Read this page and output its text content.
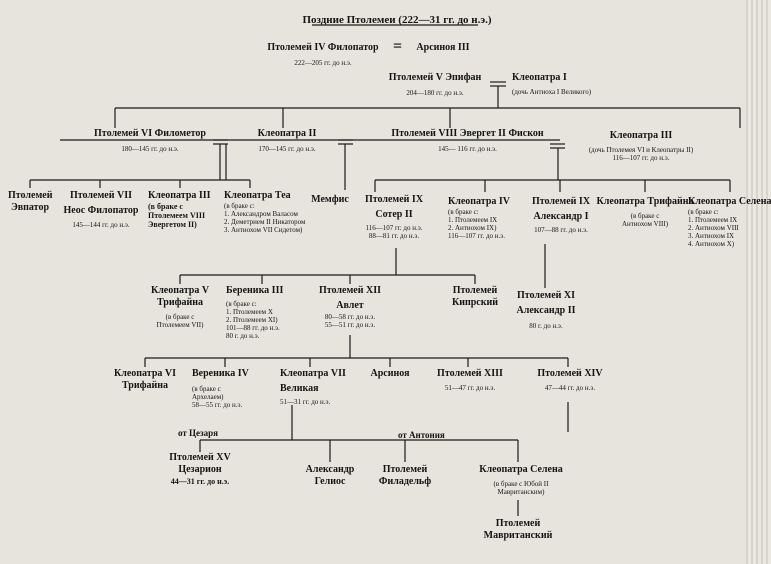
Поздние Птолемеи (222—31 гг. до н.э.)
Птолемей IV Филопатор
222—205 гг. до н.э.
=	Арсиноя III
Птолемей V Эпифан
204—180 гг. до н.э.
Клеопатра I
(дочь Антиоха I Великого)
Птолемей VI Филометор
180—145 гг. до н.э.
Клеопатра II
170—145 гг. до н.э.
Птолемей VIII Эвергет II Фискон
145— 116 гг. до н.э.
Клеопатра III
(дочь Птолемея VI и Клеопатры II)
116—107 гг. до н.э.
Птолемей
Эвпатор
Птолемей VII
Неос Филопатор
145—144 гг. до н.э.
Клеопатра III
(в браке с
Птолемеем VIII
Эвергетом II)
Клеопатра Теа
(в браке с:
1. Александром Валасом
2. Деметрием II Никатором
3. Антиохом VII Сидетом)
Мемфис	Птолемей IX
Сотер II
116—107 гг. до н.э.
88—81 гг. до н.э.
Клеопатра IV
(в браке с:
1. Птолемеем IX
2. Антиохом IX)
116—107 гг. до н.э.
Птолемей IX
Александр I
107—88 гг. до н.э.
Клеопатра Трифайна
(в браке с
Антиохом VIII)
Клеопатра Селена
(в браке с:
1. Птолемеем IX
2. Антиохом VIII
3. Антиохом IX
4. Антиохом X)
Клеопатра V
Трифайна
(в браке с
Птолемеем VII)
Береника III
(в браке с:
1. Птолемеем X
2. Птолемеем XI)
101—88 гг. до н.э.
80 г. до н.э.
Птолемей XII
Авлет
80—58 гг. до н.э.
55—51 гг. до н.э.
Птолемей
Кипрский
Птолемей XI
Александр II
80 г. до н.э.
Клеопатра VI
Трифайна
Вереника IV
(в браке с
Архелаем)
58—55 гг. до н.э.
Клеопатра VII
Великая
51—31 гг. до н.э.
Арсиноя	Птолемей XIII
51—47 гг. до н.э.
Птолемей XIV
47—44 гг. до н.э.
от Цезаря	от Антония
Птолемей XV
Цезарион
44—31 гг. до н.э.
Александр
Гелиос
Птолемей
Филадельф
Клеопатра Селена
(в браке с Юбой II
Мавританским)
Птолемей
Мавританский
